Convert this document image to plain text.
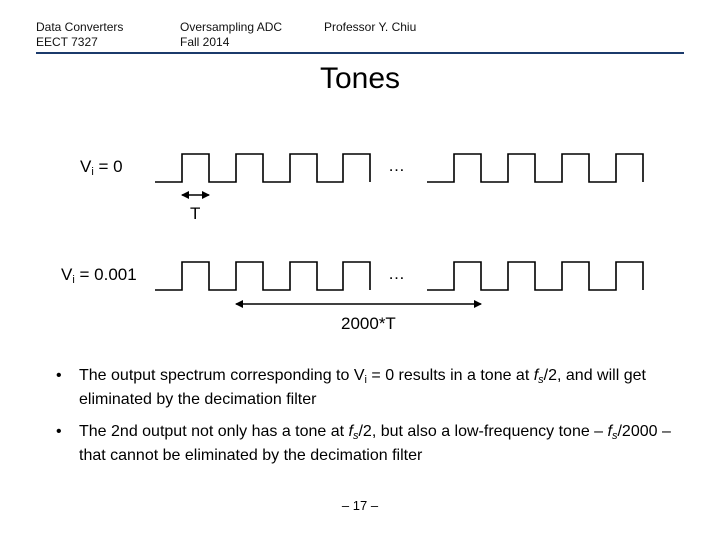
Data Converters
EECT 7327
Oversampling ADC
Fall 2014
Professor Y. Chiu
Tones
$V_i = 0$	…
T
$V_i = 0.001$	…
2000*T
• The output spectrum corresponding to $V_i = 0$ results in a tone at $f_s/2$, and will get eliminated by the decimation filter
• The 2nd output not only has a tone at $f_s/2$, but also a low-frequency tone – $f_s/2000$ – that cannot be eliminated by the decimation filter
– 17 –
